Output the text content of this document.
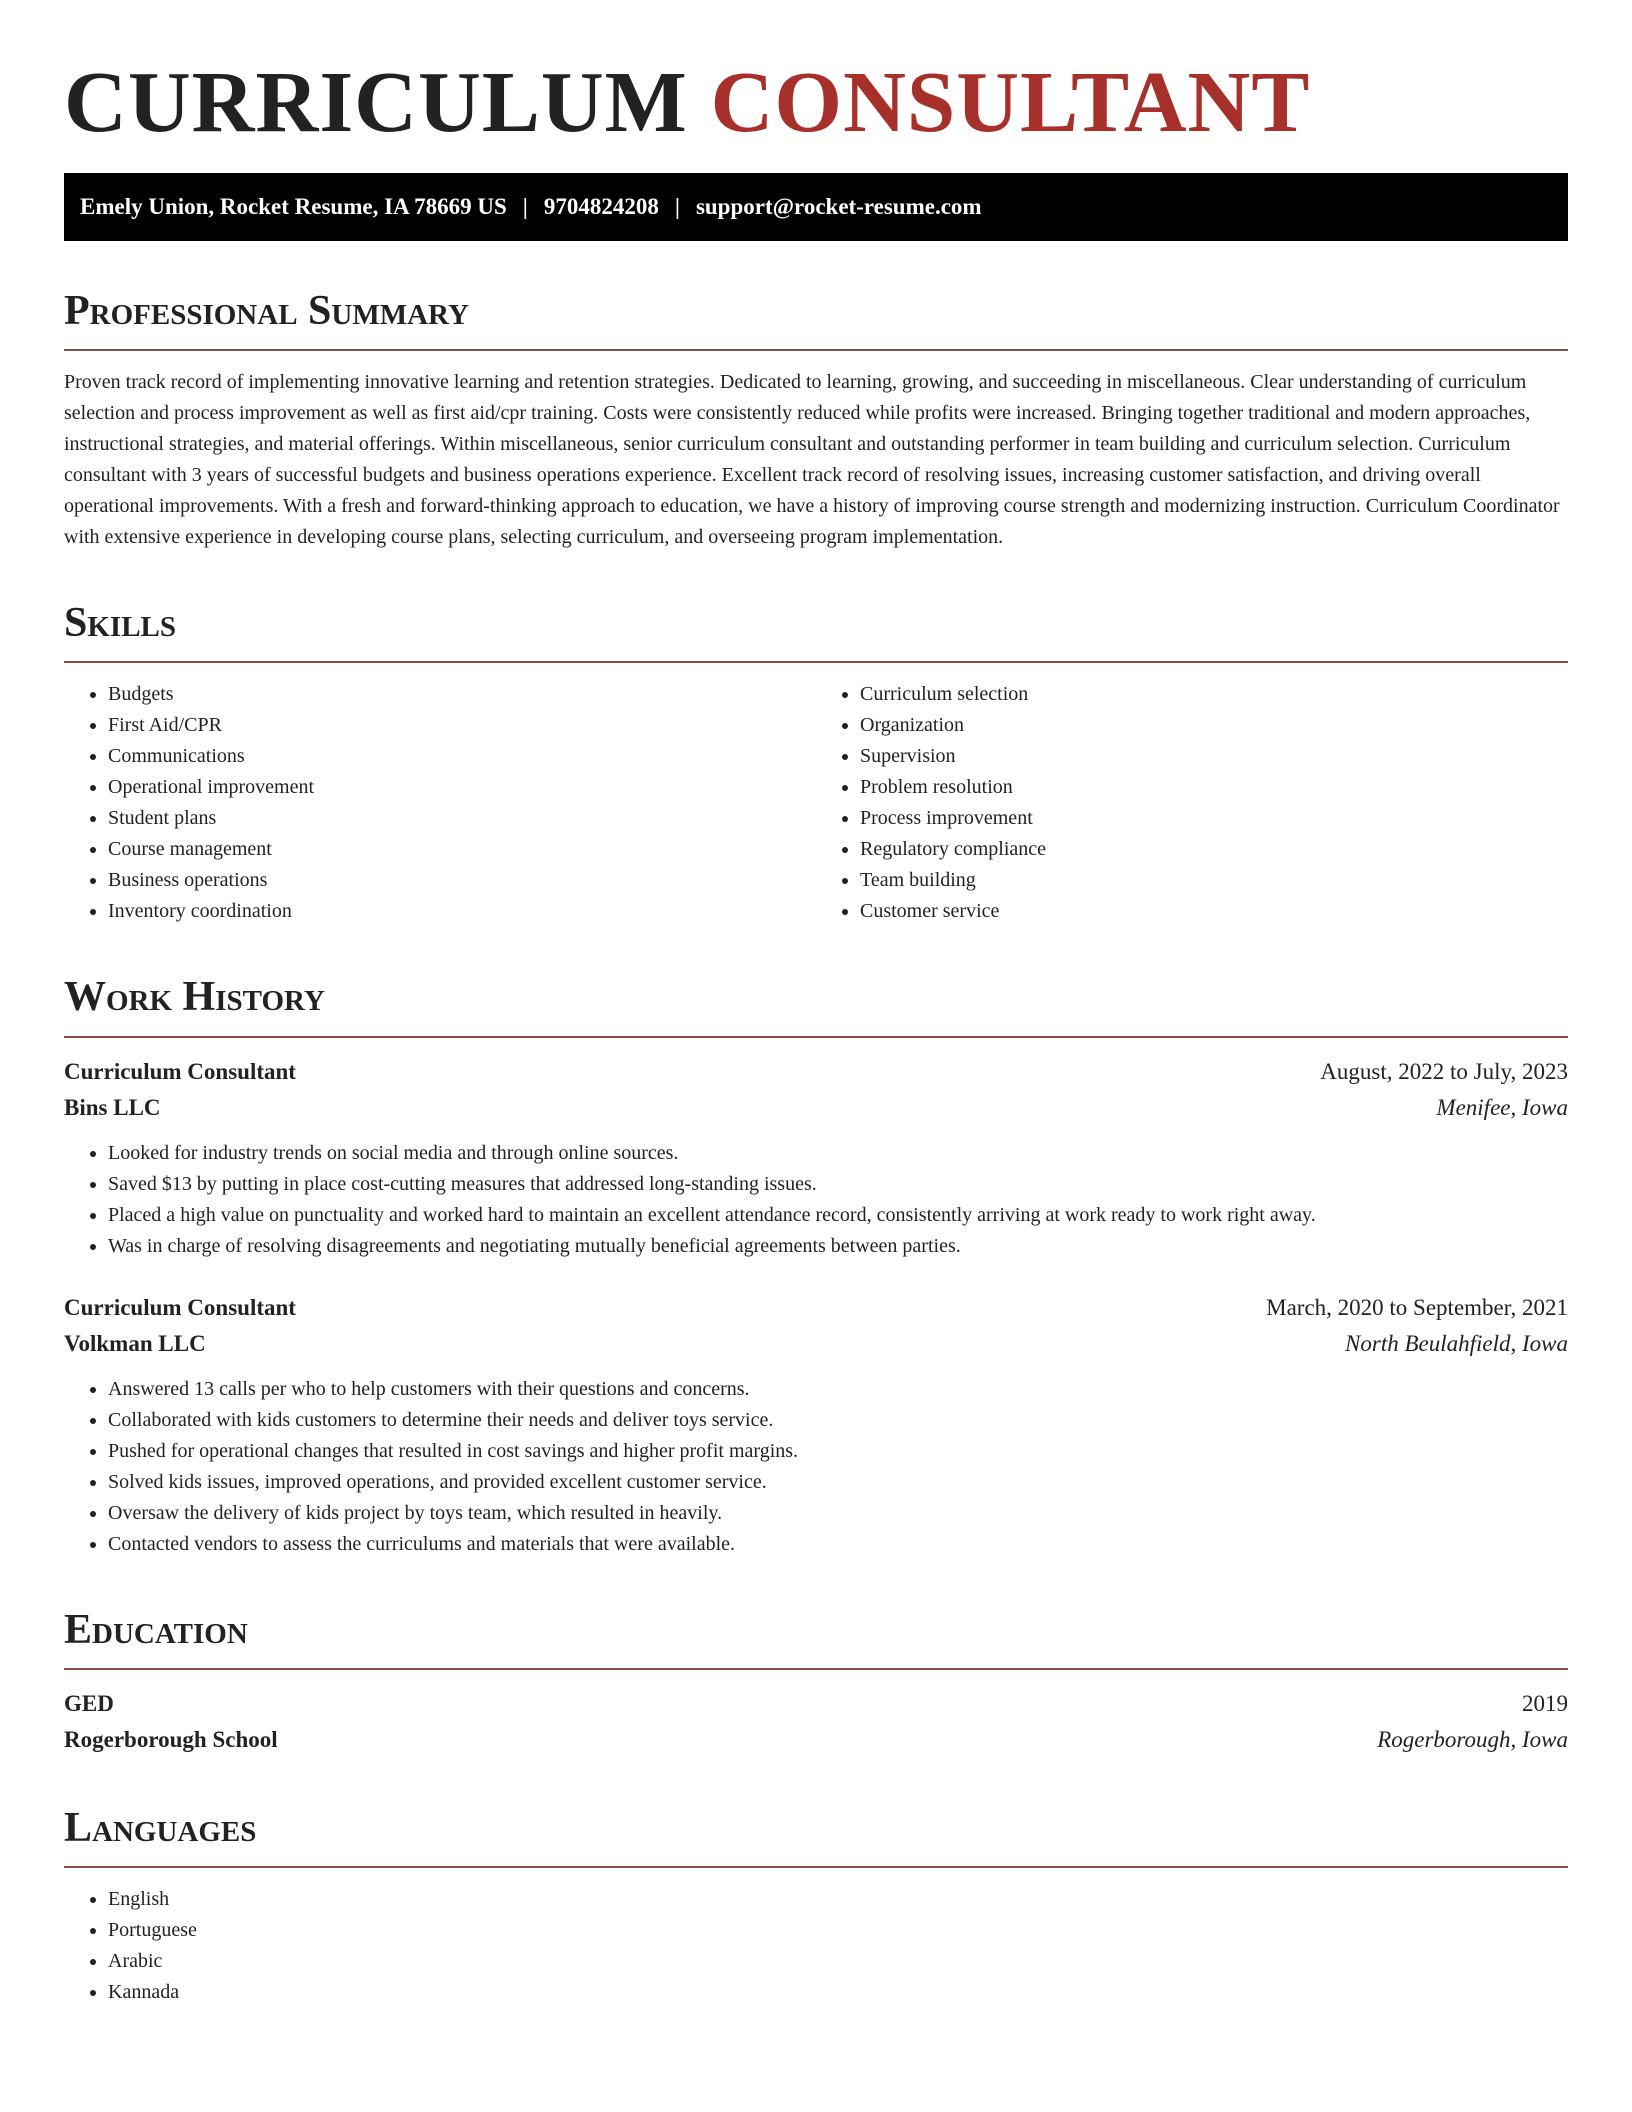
CURRICULUM CONSULTANT
Emely Union, Rocket Resume, IA 78669 US | 9704824208 | support@rocket-resume.com
Professional Summary

Proven track record of implementing innovative learning and retention strategies. Dedicated to learning, growing, and succeeding in miscellaneous. Clear understanding of curriculum selection and process improvement as well as first aid/cpr training. Costs were consistently reduced while profits were increased. Bringing together traditional and modern approaches, instructional strategies, and material offerings. Within miscellaneous, senior curriculum consultant and outstanding performer in team building and curriculum selection. Curriculum consultant with 3 years of successful budgets and business operations experience. Excellent track record of resolving issues, increasing customer satisfaction, and driving overall operational improvements. With a fresh and forward-thinking approach to education, we have a history of improving course strength and modernizing instruction. Curriculum Coordinator with extensive experience in developing course plans, selecting curriculum, and overseeing program implementation.

Skills
• Budgets
• First Aid/CPR
• Communications
• Operational improvement
• Student plans
• Course management
• Business operations
• Inventory coordination
• Curriculum selection
• Organization
• Supervision
• Problem resolution
• Process improvement
• Regulatory compliance
• Team building
• Customer service
Work History
Curriculum Consultant	August, 2022 to July, 2023
Bins LLC	Menifee, Iowa
• Looked for industry trends on social media and through online sources.
• Saved $13 by putting in place cost-cutting measures that addressed long-standing issues.
• Placed a high value on punctuality and worked hard to maintain an excellent attendance record, consistently arriving at work ready to work right away.
• Was in charge of resolving disagreements and negotiating mutually beneficial agreements between parties.
Curriculum Consultant	March, 2020 to September, 2021
Volkman LLC	North Beulahfield, Iowa
• Answered 13 calls per who to help customers with their questions and concerns.
• Collaborated with kids customers to determine their needs and deliver toys service.
• Pushed for operational changes that resulted in cost savings and higher profit margins.
• Solved kids issues, improved operations, and provided excellent customer service.
• Oversaw the delivery of kids project by toys team, which resulted in heavily.
• Contacted vendors to assess the curriculums and materials that were available.
Education
GED	2019
Rogerborough School	Rogerborough, Iowa
Languages
• English
• Portuguese
• Arabic
• Kannada
